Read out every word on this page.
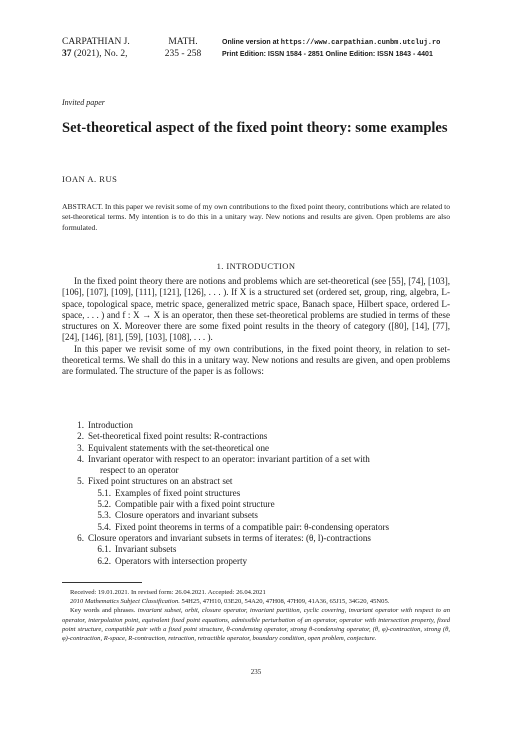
CARPATHIAN J.
37 (2021), No. 2,
MATH.
235 - 258
Online version at https://www.carpathian.cunbm.utcluj.ro
Print Edition: ISSN 1584 - 2851 Online Edition: ISSN 1843 - 4401
Invited paper
Set-theoretical aspect of the fixed point theory: some examples
IOAN A. RUS
ABSTRACT. In this paper we revisit some of my own contributions to the fixed point theory, contributions which are related to set-theoretical terms. My intention is to do this in a unitary way. New notions and results are given. Open problems are also formulated.
1. INTRODUCTION

In the fixed point theory there are notions and problems which are set-theoretical (see [55], [74], [103], [106], [107], [109], [111], [121], [126], . . . ). If X is a structured set (ordered set, group, ring, algebra, L-space, topological space, metric space, generalized metric space, Banach space, Hilbert space, ordered L-space, . . . ) and f : X → X is an operator, then these set-theoretical problems are studied in terms of these structures on X. Moreover there are some fixed point results in the theory of category ([80], [14], [77], [24], [146], [81], [59], [103], [108], . . . ).

In this paper we revisit some of my own contributions, in the fixed point theory, in relation to set-theoretical terms. We shall do this in a unitary way. New notions and results are given, and open problems are formulated. The structure of the paper is as follows:

1. Introduction
2. Set-theoretical fixed point results: R-contractions
3. Equivalent statements with the set-theoretical one
4. Invariant operator with respect to an operator: invariant partition of a set with
respect to an operator
5. Fixed point structures on an abstract set
5.1. Examples of fixed point structures
5.2. Compatible pair with a fixed point structure
5.3. Closure operators and invariant subsets
5.4. Fixed point theorems in terms of a compatible pair: θ-condensing operators
6. Closure operators and invariant subsets in terms of iterates: (θ, l)-contractions
6.1. Invariant subsets
6.2. Operators with intersection property

Received: 19.01.2021. In revised form: 26.04.2021. Accepted: 26.04.2021

2010 Mathematics Subject Classification. 54H25, 47H10, 03E20, 54A20, 47H08, 47H09, 41A36, 65J15, 34G20, 45N05.

Key words and phrases. invariant subset, orbit, closure operator, invariant partition, cyclic covering, invariant operator with respect to an operator, interpolation point, equivalent fixed point equations, admissible perturbation of an operator, operator with intersection property, fixed point structure, compatible pair with a fixed point structure, θ-condensing operator, strong θ-condensing operator, (θ, φ)-contraction, strong (θ, φ)-contraction, R-space, R-contraction, retraction, retractible operator, boundary condition, open problem, conjecture.

235
